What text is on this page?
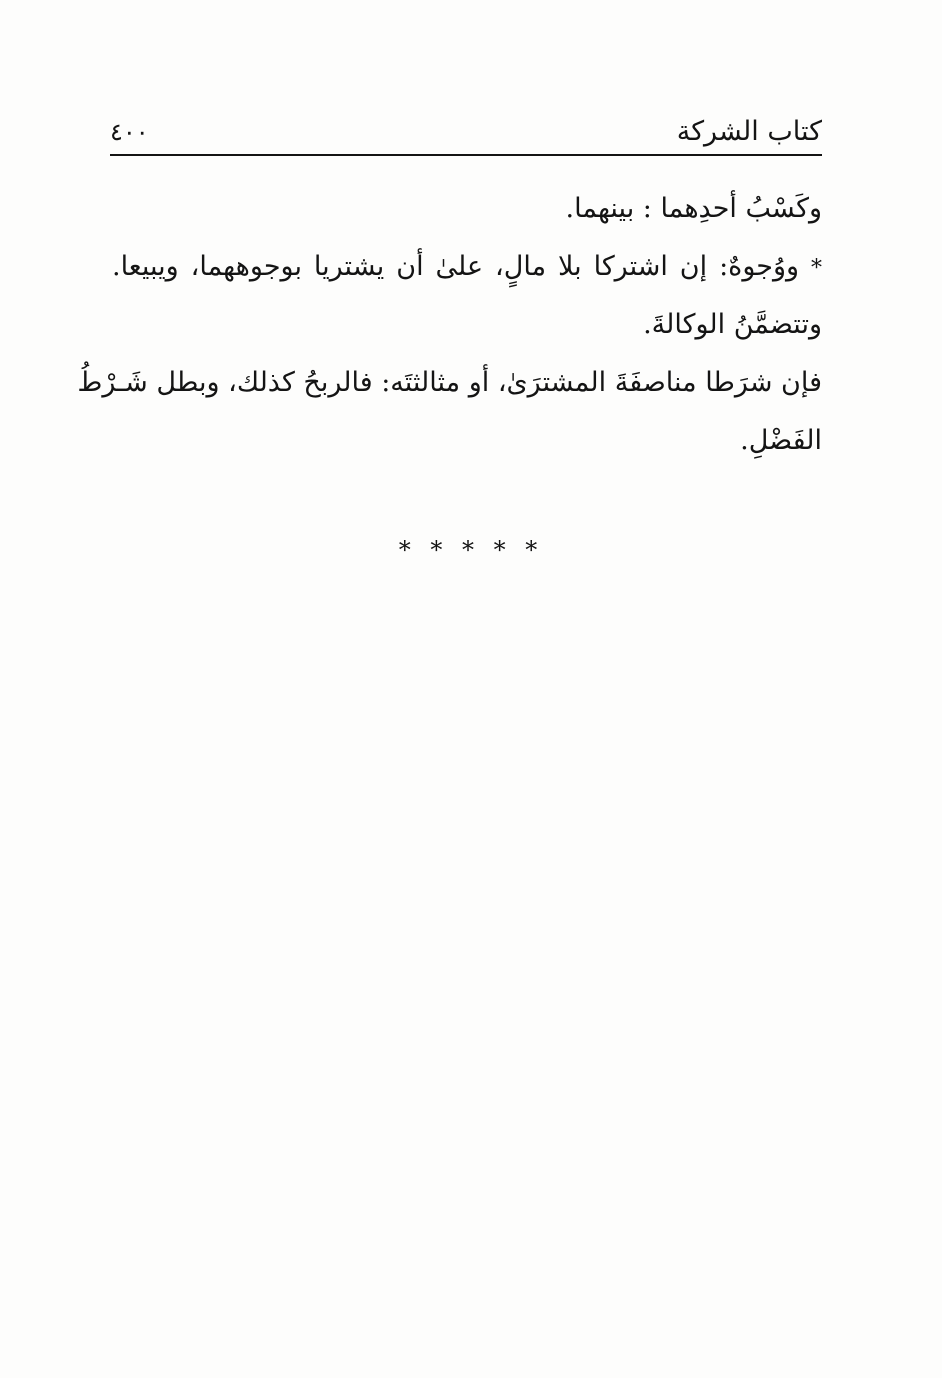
كتاب الشركة
٤٠٠
وكَسْبُ أحدِهما : بينهما.
* ووُجوهٌ: إن اشتركا بلا مالٍ، علىٰ أن يشتريا بوجوههما، ويبيعا.
وتتضمَّنُ الوكالةَ.
فإن شرَطا مناصفَةَ المشترَىٰ، أو مثالثتَه: فالربحُ كذلك، وبطل شَـرْطُ
الفَضْلِ.
* * * * *
